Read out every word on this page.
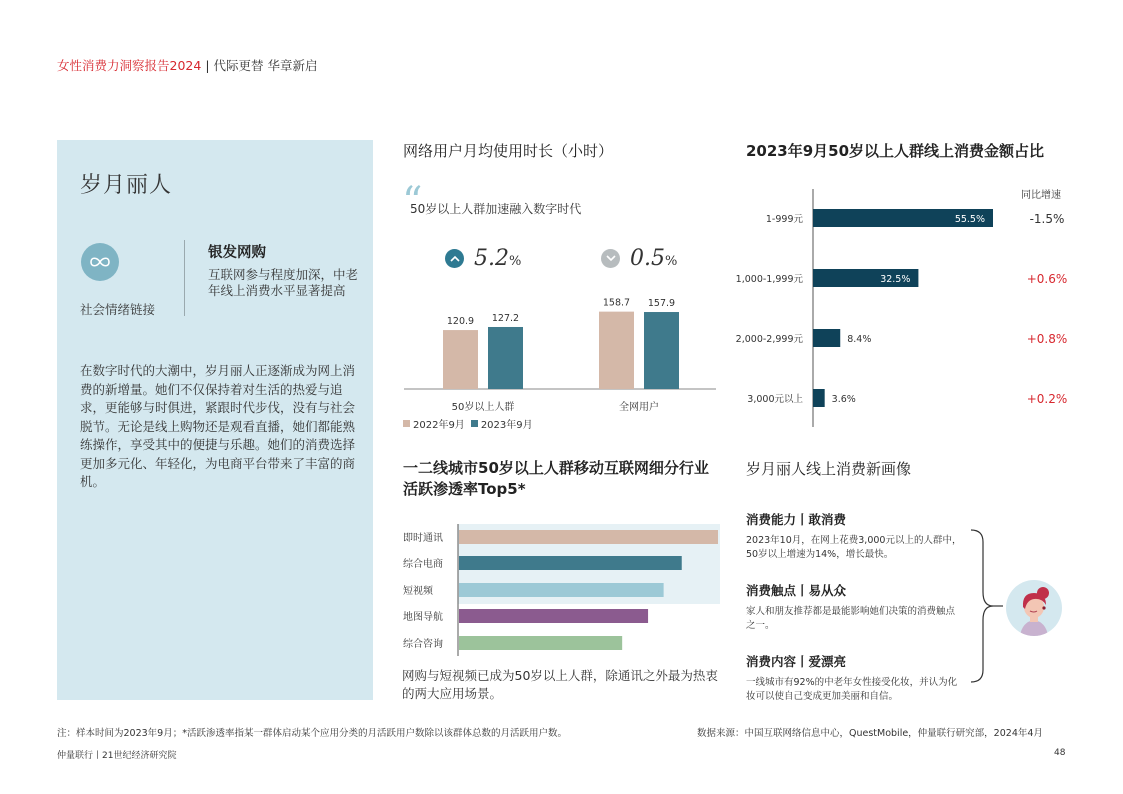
女性消费力洞察报告2024 | 代际更替 华章新启
岁月丽人
社会情绪链接
银发网购
互联网参与程度加深，中老年线上消费水平显著提高
在数字时代的大潮中，岁月丽人正逐渐成为网上消费的新增量。她们不仅保持着对生活的热爱与追求，更能够与时俱进，紧跟时代步伐，没有与社会脱节。无论是线上购物还是观看直播，她们都能熟练操作，享受其中的便捷与乐趣。她们的消费选择更加多元化、年轻化，为电商平台带来了丰富的商机。
网络用户月均使用时长（小时）
“
50岁以上人群加速融入数字时代
5.2%	0.5%
120.9 127.2
50岁以上人群
158.7 157.9
全网用户
2022年9月 2023年9月
2023年9月50岁以上人群线上消费金额占比
同比增速
1-999元	55.5%	-1.5%
1,000-1,999元	32.5%	+0.6%
2,000-2,999元	8.4%	+0.8%
3,000元以上	3.6%	+0.2%
一二线城市50岁以上人群移动互联网细分行业活跃渗透率Top5*
即时通讯
综合电商
短视频
地图导航
综合咨询
网购与短视频已成为50岁以上人群，除通讯之外最为热衷的两大应用场景。
岁月丽人线上消费新画像
消费能力丨敢消费
2023年10月，在网上花费3,000元以上的人群中，50岁以上增速为14%，增长最快。
消费触点丨易从众
家人和朋友推荐都是最能影响她们决策的消费触点之一。
消费内容丨爱漂亮
一线城市有92%的中老年女性接受化妆，并认为化妆可以使自己变成更加美丽和自信。
注：样本时间为2023年9月；*活跃渗透率指某一群体启动某个应用分类的月活跃用户数除以该群体总数的月活跃用户数。	数据来源：中国互联网络信息中心，QuestMobile，仲量联行研究部，2024年4月
仲量联行丨21世纪经济研究院	48
